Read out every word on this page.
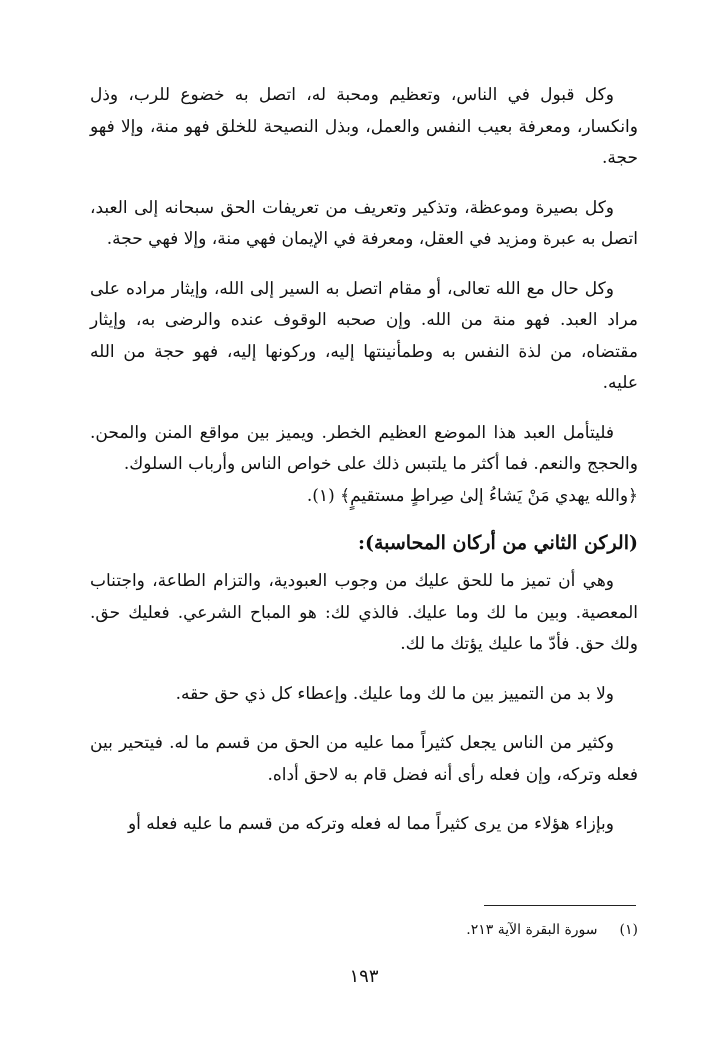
وكل قبول في الناس، وتعظيم ومحبة له، اتصل به خضوع للرب، وذل وانكسار، ومعرفة بعيب النفس والعمل، وبذل النصيحة للخلق فهو منة، وإلا فهو حجة.

وكل بصيرة وموعظة، وتذكير وتعريف من تعريفات الحق سبحانه إلى العبد، اتصل به عبرة ومزيد في العقل، ومعرفة في الإيمان فهي منة، وإلا فهي حجة.

وكل حال مع الله تعالى، أو مقام اتصل به السير إلى الله، وإيثار مراده على مراد العبد. فهو منة من الله. وإن صحبه الوقوف عنده والرضى به، وإيثار مقتضاه، من لذة النفس به وطمأنينتها إليه، وركونها إليه، فهو حجة من الله عليه.

فليتأمل العبد هذا الموضع العظيم الخطر. ويميز بين مواقع المنن والمحن. والحجج والنعم. فما أكثر ما يلتبس ذلك على خواص الناس وأرباب السلوك.
﴿والله يهدي مَنْ يَشاءُ إلىٰ صِراطٍ مستقيمٍ﴾ (١).

(الركن الثاني من أركان المحاسبة):

وهي أن تميز ما للحق عليك من وجوب العبودية، والتزام الطاعة، واجتناب المعصية. وبين ما لك وما عليك. فالذي لك: هو المباح الشرعي. فعليك حق. ولك حق. فأدّ ما عليك يؤتك ما لك.

ولا بد من التمييز بين ما لك وما عليك. وإعطاء كل ذي حق حقه.

وكثير من الناس يجعل كثيراً مما عليه من الحق من قسم ما له. فيتحير بين فعله وتركه، وإن فعله رأى أنه فضل قام به لاحق أداه.

وبإزاء هؤلاء من يرى كثيراً مما له فعله وتركه من قسم ما عليه فعله أو

(١)سورة البقرة الآية ٢١٣.
١٩٣
